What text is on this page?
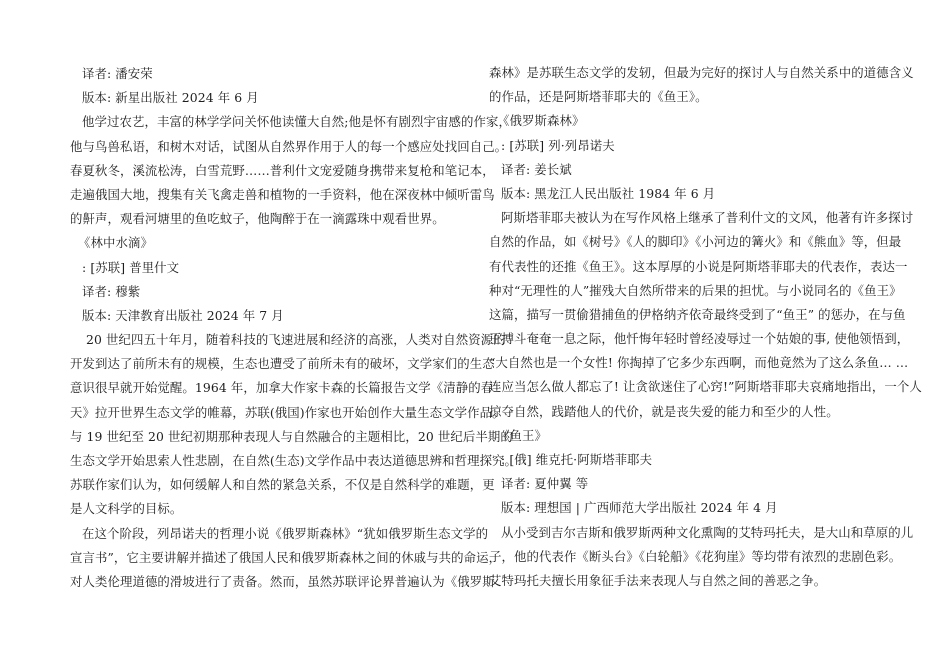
译者: 潘安荣
版本: 新星出版社 2024 年 6 月
他学过农艺，丰富的林学学问关怀他读懂大自然;他是怀有剧烈宇宙感的作家，
他与鸟兽私语，和树木对话，试图从自然界作用于人的每一个感应处找回自己。
春夏秋冬，溪流松涛，白雪荒野……普利什文宠爱随身携带来复枪和笔记本，
走遍俄国大地，搜集有关飞禽走兽和植物的一手资料，他在深夜林中倾听雷鸟
的鼾声，观看河塘里的鱼吃蚊子，他陶醉于在一滴露珠中观看世界。
《林中水滴》
: [苏联] 普里什文
译者: 穆紫
版本: 天津教育出版社 2024 年 7 月
20 世纪四五十年月，随着科技的飞速进展和经济的高涨，人类对自然资源的
开发到达了前所未有的规模，生态也遭受了前所未有的破坏，文学家们的生态
意识很早就开始觉醒。1964 年，加拿大作家卡森的长篇报告文学《清静的春
天》拉开世界生态文学的帷幕，苏联(俄国)作家也开始创作大量生态文学作品。
与 19 世纪至 20 世纪初期那种表现人与自然融合的主题相比，20 世纪后半期的
生态文学开始思索人性悲剧，在自然(生态)文学作品中表达道德思辨和哲理探究。
苏联作家们认为，如何缓解人和自然的紧急关系，不仅是自然科学的难题，更
是人文科学的目标。
在这个阶段，列昂诺夫的哲理小说《俄罗斯森林》“犹如俄罗斯生态文学的
宣言书”，它主要讲解并描述了俄国人民和俄罗斯森林之间的休戚与共的命运，
对人类伦理道德的滑坡进行了责备。然而，虽然苏联评论界普遍认为《俄罗斯
森林》是苏联生态文学的发轫，但最为完好的探讨人与自然关系中的道德含义
的作品，还是阿斯塔菲耶夫的《鱼王》。
《俄罗斯森林》
: [苏联] 列·列昂诺夫
译者: 姜长斌
版本: 黑龙江人民出版社 1984 年 6 月
阿斯塔菲耶夫被认为在写作风格上继承了普利什文的文风，他著有许多探讨
自然的作品，如《树号》《人的脚印》《小河边的篝火》和《熊血》等，但最
有代表性的还推《鱼王》。这本厚厚的小说是阿斯塔菲耶夫的代表作，表达一
种对“无理性的人”摧残大自然所带来的后果的担忧。与小说同名的《鱼王》
这篇，描写一贯偷猎捕鱼的伊格纳齐依奇最终受到了“鱼王” 的惩办，在与鱼
王搏斗奄奄一息之际，他忏悔年轻时曾经凌辱过一个姑娘的事, 使他领悟到，
“大自然也是一个女性! 你掏掉了它多少东西啊，而他竟然为了这么条鱼… …
连应当怎么做人都忘了! 让贪欲迷住了心窍!”阿斯塔菲耶夫哀痛地指出，一个人
掠夺自然，践踏他人的代价，就是丧失爱的能力和至少的人性。
《鱼王》
: [俄] 维克托·阿斯塔菲耶夫
译者: 夏仲翼 等
版本: 理想国 | 广西师范大学出版社 2024 年 4 月
从小受到吉尔吉斯和俄罗斯两种文化熏陶的艾特玛托夫，是大山和草原的儿
子，他的代表作《断头台》《白轮船》《花狗崖》等均带有浓烈的悲剧色彩。
艾特玛托夫擅长用象征手法来表现人与自然之间的善恶之争。
